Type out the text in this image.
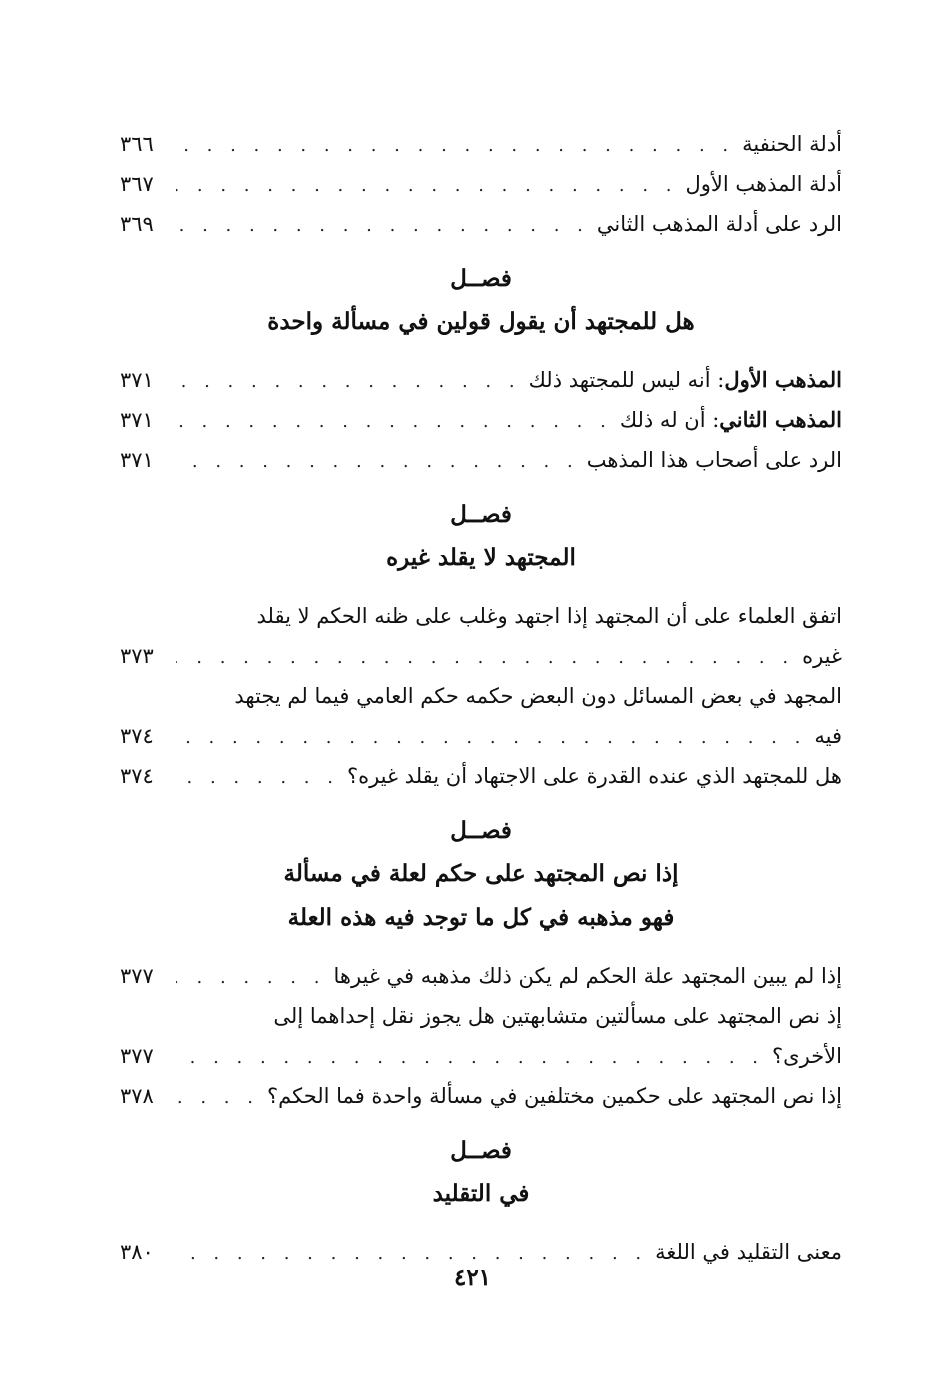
أدلة الحنفية
. . .
٣٦٦
أدلة المذهب الأول
. . .
٣٦٧
الرد على أدلة المذهب الثاني
. . .
٣٦٩
فصــل
هل للمجتهد أن يقول قولين في مسألة واحدة
المذهب الأول: أنه ليس للمجتهد ذلك
. . .
٣٧١
المذهب الثاني: أن له ذلك
. . .
٣٧١
الرد على أصحاب هذا المذهب
. . .
٣٧١
فصــل
المجتهد لا يقلد غيره
اتفق العلماء على أن المجتهد إذا اجتهد وغلب على ظنه الحكم لا يقلد
غيره
. . .
٣٧٣
المجهد في بعض المسائل دون البعض حكمه حكم العامي فيما لم يجتهد
فيه
. . .
٣٧٤
هل للمجتهد الذي عنده القدرة على الاجتهاد أن يقلد غيره؟
. . .
٣٧٤
فصــل
إذا نص المجتهد على حكم لعلة في مسألة
فهو مذهبه في كل ما توجد فيه هذه العلة
إذا لم يبين المجتهد علة الحكم لم يكن ذلك مذهبه في غيرها
. . .
٣٧٧
إذ نص المجتهد على مسألتين متشابهتين هل يجوز نقل إحداهما إلى
الأخرى؟
. . .
٣٧٧
إذا نص المجتهد على حكمين مختلفين في مسألة واحدة فما الحكم؟
. . .
٣٧٨
فصــل
في التقليد
معنى التقليد في اللغة
. . .
٣٨٠
٤٢١
